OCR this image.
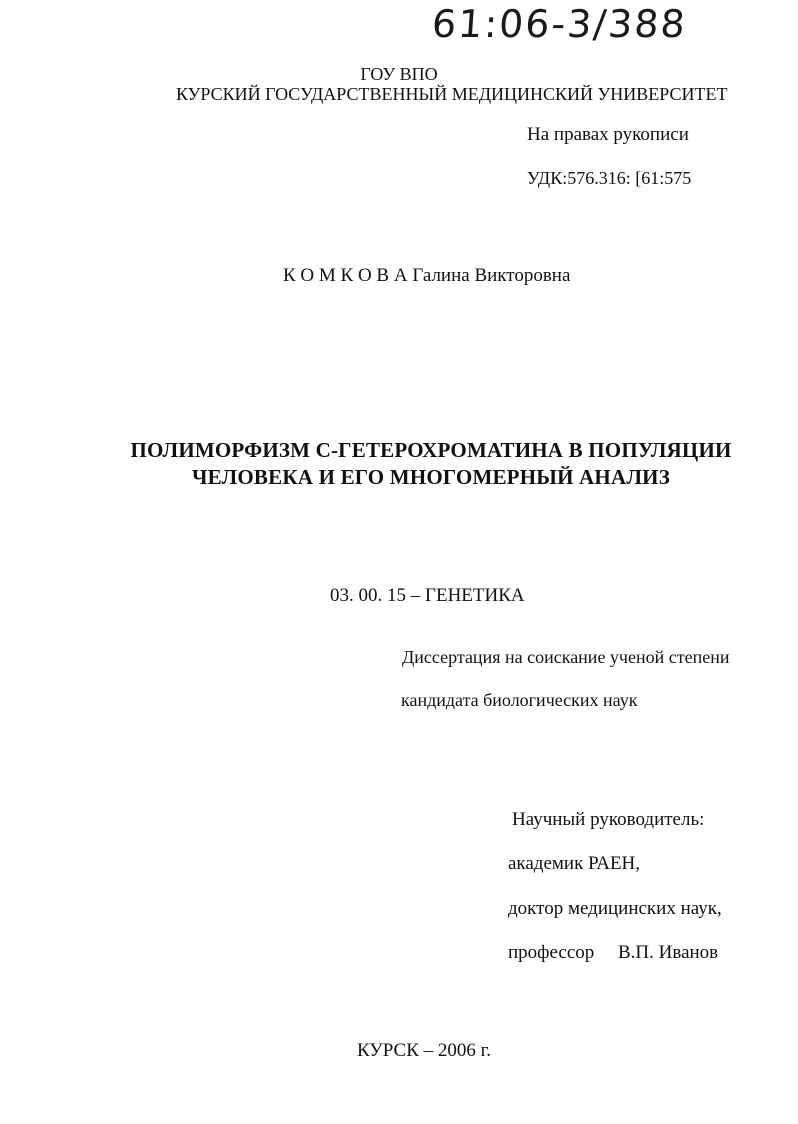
61:06-3/388
ГОУ ВПО
КУРСКИЙ ГОСУДАРСТВЕННЫЙ МЕДИЦИНСКИЙ УНИВЕРСИТЕТ
На правах рукописи
УДК:576.316: [61:575
К О М К О В А Галина Викторовна
ПОЛИМОРФИЗМ С-ГЕТЕРОХРОМАТИНА В ПОПУЛЯЦИИ
ЧЕЛОВЕКА И ЕГО МНОГОМЕРНЫЙ АНАЛИЗ
03. 00. 15 – ГЕНЕТИКА
Диссертация на соискание ученой степени
кандидата биологических наук
Научный руководитель:
академик РАЕН,
доктор медицинских наук,
профессор В.П. Иванов
КУРСК – 2006 г.
